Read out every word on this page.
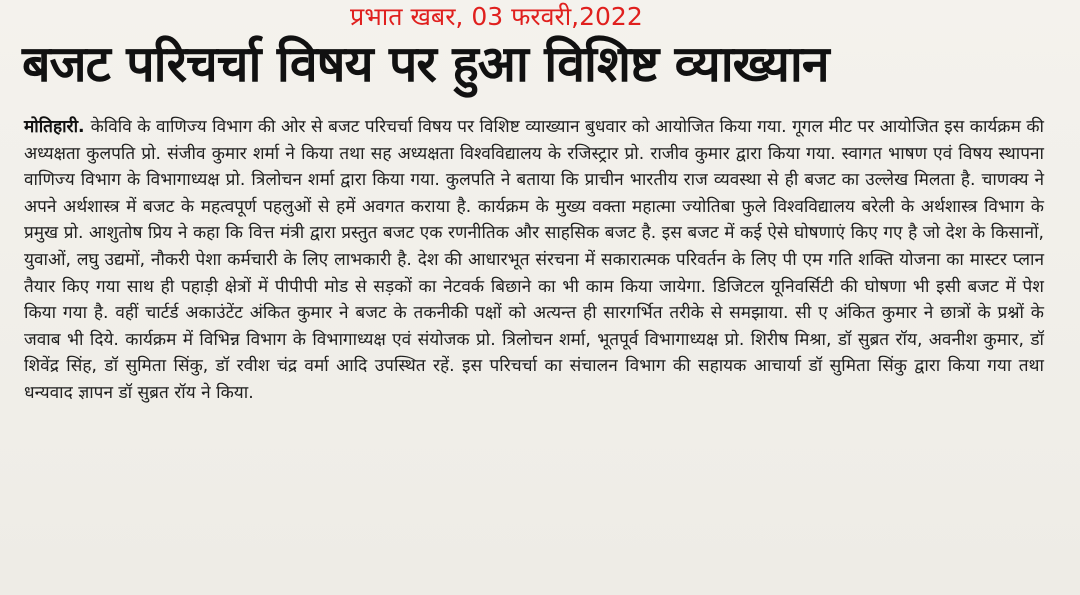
प्रभात खबर, 03 फरवरी,2022
बजट परिचर्चा विषय पर हुआ विशिष्ट व्याख्यान
मोतिहारी. केविवि के वाणिज्य विभाग की ओर से बजट परिचर्चा विषय पर विशिष्ट व्याख्यान बुधवार को आयोजित किया गया. गूगल मीट पर आयोजित इस कार्यक्रम की अध्यक्षता कुलपति प्रो. संजीव कुमार शर्मा ने किया तथा सह अध्यक्षता विश्वविद्यालय के रजिस्ट्रार प्रो. राजीव कुमार द्वारा किया गया. स्वागत भाषण एवं विषय स्थापना वाणिज्य विभाग के विभागाध्यक्ष प्रो. त्रिलोचन शर्मा द्वारा किया गया. कुलपति ने बताया कि प्राचीन भारतीय राज व्यवस्था से ही बजट का उल्लेख मिलता है. चाणक्य ने अपने अर्थशास्त्र में बजट के महत्वपूर्ण पहलुओं से हमें अवगत कराया है. कार्यक्रम के मुख्य वक्ता महात्मा ज्योतिबा फुले विश्वविद्यालय बरेली के अर्थशास्त्र विभाग के प्रमुख प्रो. आशुतोष प्रिय ने कहा कि वित्त मंत्री द्वारा प्रस्तुत बजट एक रणनीतिक और साहसिक बजट है. इस बजट में कई ऐसे घोषणाएं किए गए है जो देश के किसानों, युवाओं, लघु उद्यमों, नौकरी पेशा कर्मचारी के लिए लाभकारी है. देश की आधारभूत संरचना में सकारात्मक परिवर्तन के लिए पी एम गति शक्ति योजना का मास्टर प्लान तैयार किए गया साथ ही पहाड़ी क्षेत्रों में पीपीपी मोड से सड़कों का नेटवर्क बिछाने का भी काम किया जायेगा. डिजिटल यूनिवर्सिटी की घोषणा भी इसी बजट में पेश किया गया है. वहीं चार्टर्ड अकाउंटेंट अंकित कुमार ने बजट के तकनीकी पक्षों को अत्यन्त ही सारगर्भित तरीके से समझाया. सी ए अंकित कुमार ने छात्रों के प्रश्नों के जवाब भी दिये. कार्यक्रम में विभिन्न विभाग के विभागाध्यक्ष एवं संयोजक प्रो. त्रिलोचन शर्मा, भूतपूर्व विभागाध्यक्ष प्रो. शिरीष मिश्रा, डॉ सुब्रत रॉय, अवनीश कुमार, डॉ शिवेंद्र सिंह, डॉ सुमिता सिंकु, डॉ रवीश चंद्र वर्मा आदि उपस्थित रहें. इस परिचर्चा का संचालन विभाग की सहायक आचार्या डॉ सुमिता सिंकु द्वारा किया गया तथा धन्यवाद ज्ञापन डॉ सुब्रत रॉय ने किया.
